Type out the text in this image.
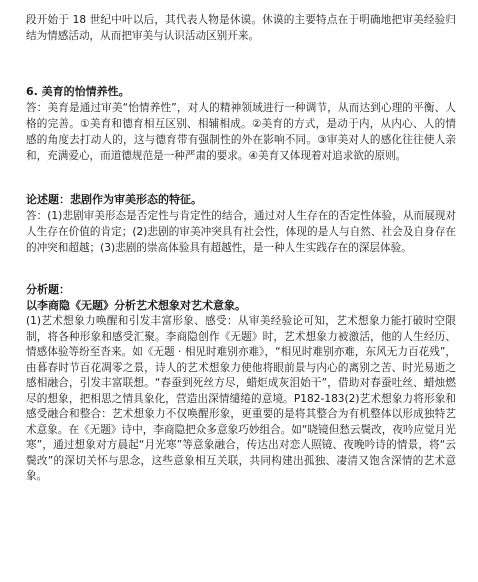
段开始于 18 世纪中叶以后，其代表人物是休谟。休谟的主要特点在于明确地把审美经验归结为情感活动，从而把审美与认识活动区别开来。

6. 美育的怡情养性。

答：美育是通过审美“怡情养性”，对人的精神领域进行一种调节，从而达到心理的平衡、人格的完善。①美育和德育相互区别、相辅相成。②美育的方式，是动于内，从内心、人的情感的角度去打动人的，这与德育带有强制性的外在影响不同。③审美对人的感化往往使人亲和，充满爱心，而道德规范是一种严肃的要求。④美育又体现着对追求欲的原则。

论述题：悲剧作为审美形态的特征。

答：(1)悲剧审美形态是否定性与肯定性的结合，通过对人生存在的否定性体验，从而展现对人生存在价值的肯定；(2)悲剧的审美冲突具有社会性，体现的是人与自然、社会及自身存在的冲突和超越；(3)悲剧的崇高体验具有超越性，是一种人生实践存在的深层体验。

分析题：

以李商隐《无题》分析艺术想象对艺术意象。

(1)艺术想象力唤醒和引发丰富形象、感受：从审美经验论可知，艺术想象力能打破时空限制，将各种形象和感受汇聚。李商隐创作《无题》时，艺术想象力被激活，他的人生经历、情感体验等纷至沓来。如《无题 · 相见时难别亦难》，“相见时难别亦难，东风无力百花残”，由暮春时节百花凋零之景，诗人的艺术想象力使他将眼前景与内心的离别之苦、时光易逝之感相融合，引发丰富联想。“春蚕到死丝方尽，蜡炬成灰泪始干”，借助对春蚕吐丝、蜡烛燃尽的想象，把相思之情具象化，营造出深情缱绻的意境。P182-183(2)艺术想象力将形象和感受融合和整合：艺术想象力不仅唤醒形象，更重要的是将其整合为有机整体以形成独特艺术意象。在《无题》诗中，李商隐把众多意象巧妙组合。如“晓镜但愁云鬓改，夜吟应觉月光寒”，通过想象对方晨起“月光寒”等意象融合，传达出对恋人照镜、夜晚吟诗的情景，将“云鬓改”的深切关怀与思念，这些意象相互关联，共同构建出孤独、凄清又饱含深情的艺术意象。
